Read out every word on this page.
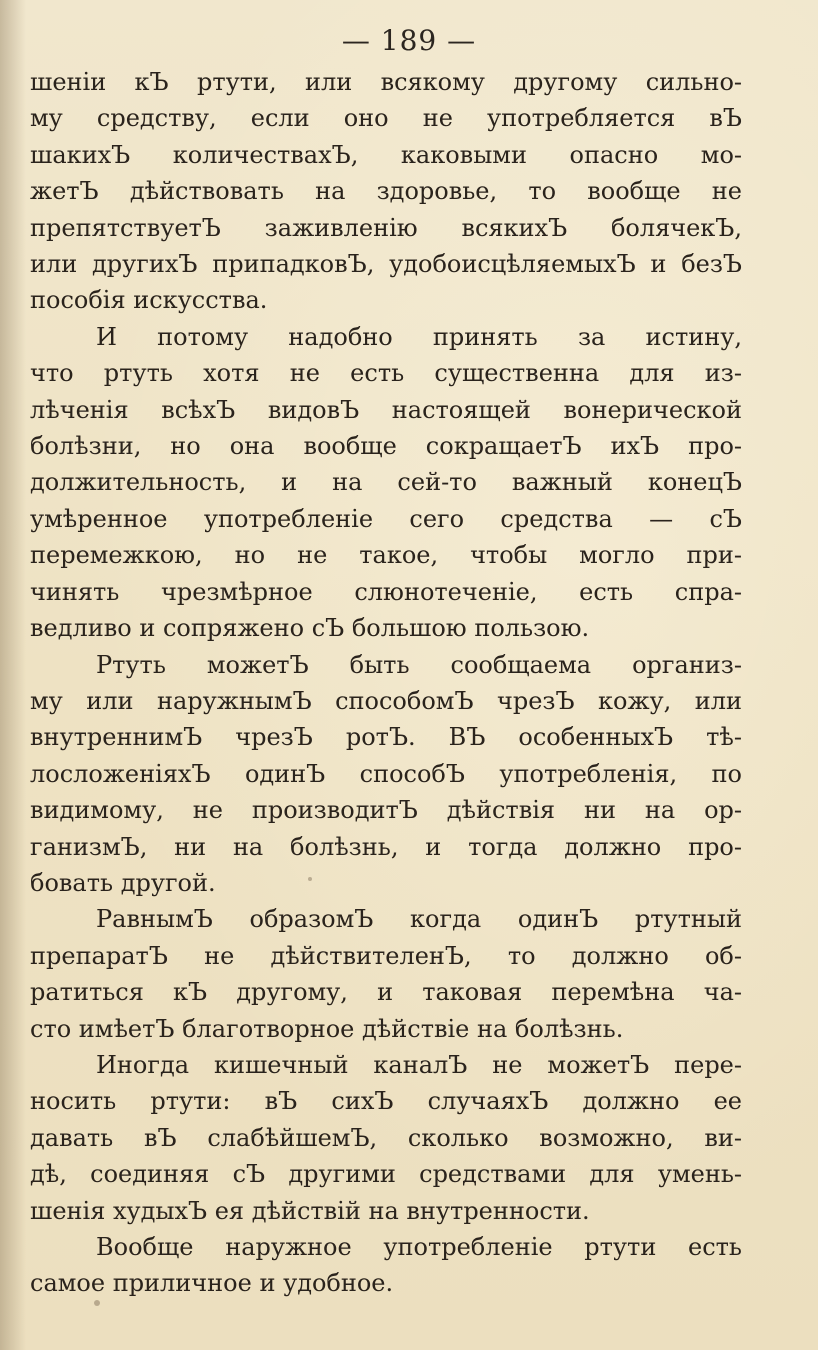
— 189 —
шеніи кЪ ртути, или всякому другому сильно-
му средству, если оно не употребляется вЪ
шакихЪ количествахЪ, каковыми опасно мо-
жетЪ дѣйствовать на здоровье, то вообще не
препятствуетЪ заживленію всякихЪ болячекЪ,
или другихЪ припадковЪ, удобоисцѣляемыхЪ и безЪ
пособія искусства.
И потому надобно принять за истину,
что ртуть хотя не есть существенна для из-
лѣченія всѣхЪ видовЪ настоящей вонерической
болѣзни, но она вообще сокращаетЪ ихЪ про-
должительность, и на сей-то важный конецЪ
умѣренное употребленіе сего средства — сЪ
перемежкою, но не такое, чтобы могло при-
чинять чрезмѣрное слюнотеченіе, есть спра-
ведливо и сопряжено сЪ большою пользою.
Ртуть можетЪ быть сообщаема организ-
му или наружнымЪ способомЪ чрезЪ кожу, или
внутреннимЪ чрезЪ ротЪ. ВЪ особенныхЪ тѣ-
лосложеніяхЪ одинЪ способЪ употребленія, по
видимому, не производитЪ дѣйствія ни на ор-
ганизмЪ, ни на болѣзнь, и тогда должно про-
бовать другой.
РавнымЪ образомЪ когда одинЪ ртутный
препаратЪ не дѣйствителенЪ, то должно об-
ратиться кЪ другому, и таковая перемѣна ча-
сто имѣетЪ благотворное дѣйствіе на болѣзнь.
Иногда кишечный каналЪ не можетЪ пере-
носить ртути: вЪ сихЪ случаяхЪ должно ее
давать вЪ слабѣйшемЪ, сколько возможно, ви-
дѣ, соединяя сЪ другими средствами для умень-
шенія худыхЪ ея дѣйствій на внутренности.
Вообще наружное употребленіе ртути есть
самое приличное и удобное.
